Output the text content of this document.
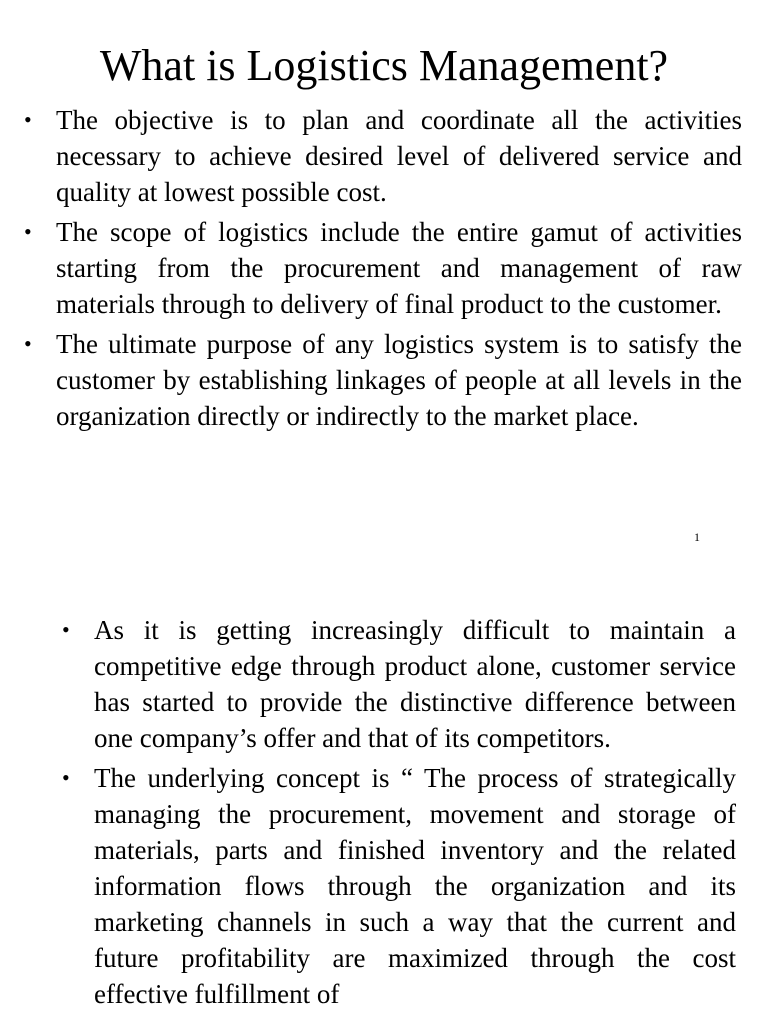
What is Logistics Management?
• The objective is to plan and coordinate all the activities necessary to achieve desired level of delivered service and quality at lowest possible cost.
• The scope of logistics include the entire gamut of activities starting from the procurement and management of raw materials through to delivery of final product to the customer.
• The ultimate purpose of any logistics system is to satisfy the customer by establishing linkages of people at all levels in the organization directly or indirectly to the market place.
1
• As it is getting increasingly difficult to maintain a competitive edge through product alone, customer service has started to provide the distinctive difference between one company’s offer and that of its competitors.
• The underlying concept is “ The process of strategically managing the procurement, movement and storage of materials, parts and finished inventory and the related information flows through the organization and its marketing channels in such a way that the current and future profitability are maximized through the cost effective fulfillment of
